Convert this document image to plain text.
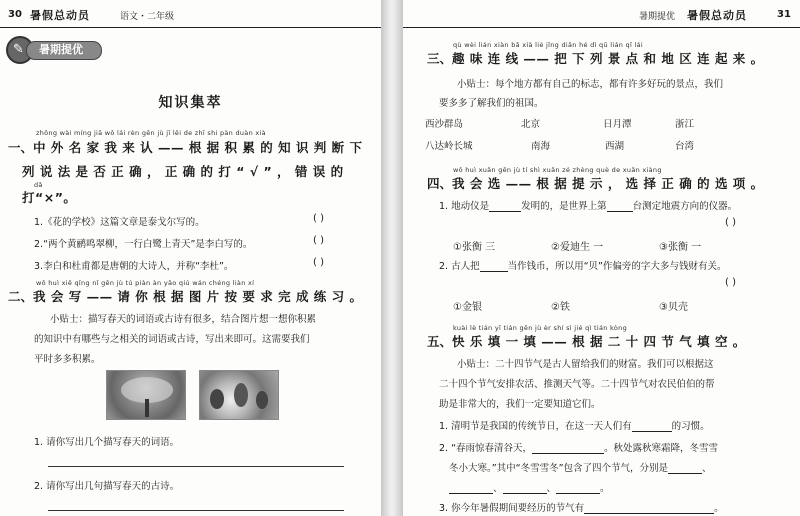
30 暑假总动员	语文・二年级
✎	暑期提优
知识集萃
zhōng wài míng jiā wǒ lái rèn gēn jù jī lěi de zhī shi pàn duàn xià
一、中 外 名 家 我 来 认 —— 根 据 积 累 的 知 识 判 断 下
列 说 法 是 否 正 确 ， 正 确 的 打 “ √ ” ， 错 误 的
dǎ
打“×”。
1.《花的学校》这篇文章是泰戈尔写的。	( )
2.“两个黄鹂鸣翠柳，一行白鹭上青天”是李白写的。	( )
3.李白和杜甫都是唐朝的大诗人，并称“李杜”。	( )
wǒ huì xiě qǐng nǐ gēn jù tú piàn àn yāo qiú wán chéng liàn xí
二、我 会 写 —— 请 你 根 据 图 片 按 要 求 完 成 练 习 。
小贴士：描写春天的词语或古诗有很多，结合图片想一想你积累
的知识中有哪些与之相关的词语或古诗，写出来即可。这需要我们
平时多多积累。
1. 请你写出几个描写春天的词语。
2. 请你写出几句描写春天的古诗。
暑期提优 暑假总动员	31
qù wèi lián xiàn bǎ xià liè jǐng diǎn hé dì qū lián qǐ lái
三、趣 味 连 线 —— 把 下 列 景 点 和 地 区 连 起 来 。
小贴士：每个地方都有自己的标志，都有许多好玩的景点，我们
要多多了解我们的祖国。
西沙群岛	北京	日月潭	浙江
八达岭长城	南海	西湖	台湾
wǒ huì xuǎn gēn jù tí shì xuǎn zé zhèng què de xuǎn xiàng
四、我 会 选 —— 根 据 提 示 ， 选 择 正 确 的 选 项 。
1. 地动仪是	发明的，是世界上第	台测定地震方向的仪器。
( )
①张衡 三	②爱迪生 一	③张衡 一
2. 古人把	当作钱币，所以用“贝”作偏旁的字大多与钱财有关。
( )
①金银	②铁	③贝壳
kuài lè tián yī tián gēn jù èr shí sì jié qì tián kòng
五、快 乐 填 一 填 —— 根 据 二 十 四 节 气 填 空 。
小贴士：二十四节气是古人留给我们的财富。我们可以根据这
二十四个节气安排农活、推测天气等。二十四节气对农民伯伯的帮
助是非常大的，我们一定要知道它们。
1. 清明节是我国的传统节日，在这一天人们有	的习惯。
2. “春雨惊春清谷天，	。秋处露秋寒霜降，冬雪雪
冬小大寒。”其中“冬雪雪冬”包含了四个节气，分别是	、
、	、	。
3. 你今年暑假期间要经历的节气有	。
